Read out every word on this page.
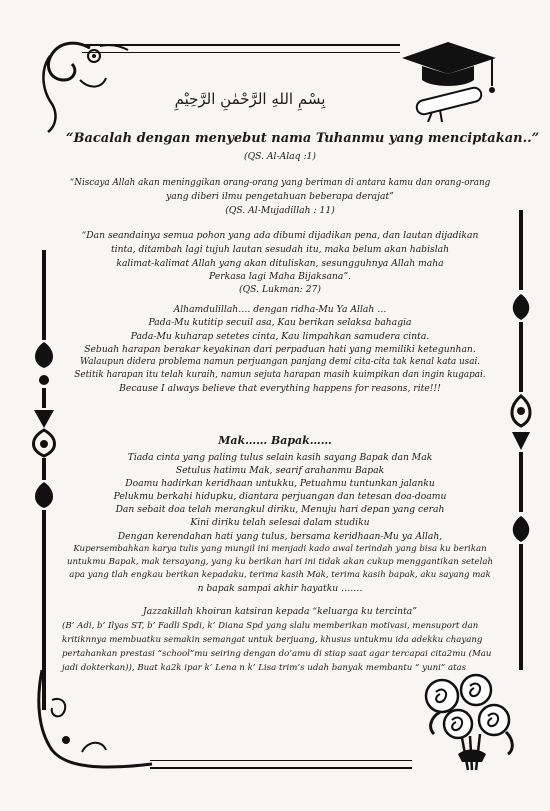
بِسْمِ اللهِ الرَّحْمٰنِ الرَّحِيْمِ
“Bacalah dengan menyebut nama Tuhanmu yang menciptakan..”
(QS. Al-Alaq :1)
“Niscaya Allah akan meninggikan orang-orang yang beriman di antara kamu dan orang-orang
yang diberi ilmu pengetahuan beberapa derajat”
(QS. Al-Mujadillah : 11)
“Dan seandainya semua pohon yang ada dibumi dijadikan pena, dan lautan dijadikan
tinta, ditambah lagi tujuh lautan sesudah itu, maka belum akan habislah
kalimat-kalimat Allah yang akan dituliskan, sesungguhnya Allah maha
Perkasa lagi Maha Bijaksana”.
(QS. Lukman: 27)
Alhamdulillah…. dengan ridha-Mu Ya Allah …
Pada-Mu kutitip secuil asa, Kau berikan selaksa bahagia
Pada-Mu kuharap setetes cinta, Kau limpahkan samudera cinta.
Sebuah harapan berakar keyakinan dari perpaduan hati yang memiliki ketegunhan.
Walaupun didera problema namun perjuangan panjang demi cita-cita tak kenal kata usai.
Setitik harapan itu telah kuraih, namun sejuta harapan masih kuimpikan dan ingin kugapai.
Because I always believe that everything happens for reasons, rite!!!
Mak…… Bapak……
Tiada cinta yang paling tulus selain kasih sayang Bapak dan Mak
Setulus hatimu Mak, searif arahanmu Bapak
Doamu hadirkan keridhaan untukku, Petuahmu tuntunkan jalanku
Pelukmu berkahi hidupku, diantara perjuangan dan tetesan doa-doamu
Dan sebait doa telah merangkul diriku, Menuju hari depan yang cerah
Kini diriku telah selesai dalam studiku
Dengan kerendahan hati yang tulus, bersama keridhaan-Mu ya Allah,
Kupersembahkan karya tulis yang mungil ini menjadi kado awal terindah yang bisa ku berikan
untukmu Bapak, mak tersayang, yang ku berikan hari ini tidak akan cukup menggantikan setelah
apa yang tlah engkau berikan kepadaku, terima kasih Mak, terima kasih bapak, aku sayang mak
n bapak sampai akhir hayatku …….
Jazzakillah khoiran katsiran kepada “keluarga ku tercinta”
(B’ Adi, b’ Ilyas ST, b’ Fadli Spdi, k’ Diana Spd yang slalu memberikan motivasi, mensuport dan
kritiknnya membuatku semakin semangat untuk berjuang, khusus untukmu ida adekku chayang
pertahankan prestasi “school”mu seiring dengan do’amu di stiap saat agar tercapai cita2mu (Mau
jadi dokterkan)), Buat ka2k ipar k’ Lena n k’ Lisa trim’s udah banyak membantu “ yuni” atas
